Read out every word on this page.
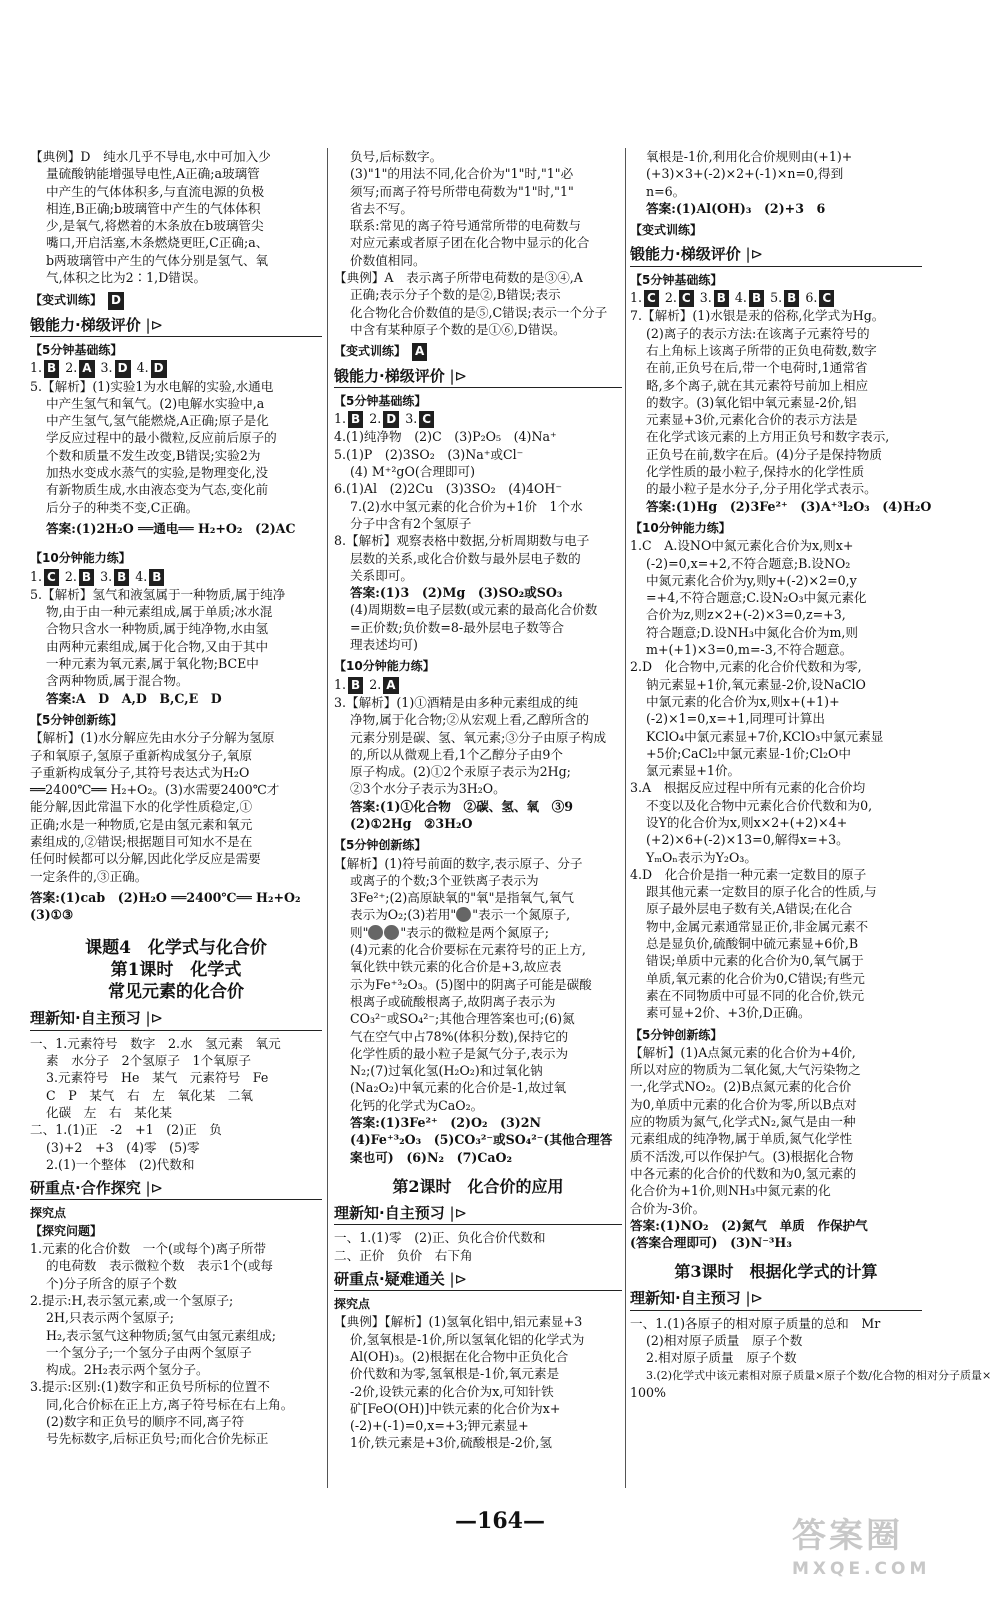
【典例】D　纯水几乎不导电,水中可加入少
量硫酸钠能增强导电性,A正确;a玻璃管
中产生的气体体积多,与直流电源的负极
相连,B正确;b玻璃管中产生的气体体积
少,是氧气,将燃着的木条放在b玻璃管尖
嘴口,开启活塞,木条燃烧更旺,C正确;a、
b两玻璃管中产生的气体分别是氢气、氧
气,体积之比为2∶1,D错误。
【变式训练】 D
锻能力·梯级评价 |⊳
【5分钟基础练】
1. B 2. A 3. D 4. D
5.【解析】(1)实验1为水电解的实验,水通电
中产生氢气和氧气。(2)电解水实验中,a
中产生氢气,氢气能燃烧,A正确;原子是化
学反应过程中的最小微粒,反应前后原子的
个数和质量不发生改变,B错误;实验2为
加热水变成水蒸气的实验,是物理变化,没
有新物质生成,水由液态变为气态,变化前
后分子的种类不变,C正确。
答案:(1)2H₂O ══通电══ H₂+O₂　(2)AC
【10分钟能力练】
1. C 2. B 3. B 4. B
5.【解析】氢气和液氢属于一种物质,属于纯净
物,由于由一种元素组成,属于单质;冰水混
合物只含水一种物质,属于纯净物,水由氢
由两种元素组成,属于化合物,又由于其中
一种元素为氧元素,属于氧化物;BCE中
含两种物质,属于混合物。
答案:A　D　A,D　B,C,E　D
【5分钟创新练】
【解析】(1)水分解应先由水分子分解为氢原
子和氧原子,氢原子重新构成氢分子,氧原
子重新构成氧分子,其符号表达式为H₂O
══2400℃══ H₂+O₂。(3)水需要2400℃才
能分解,因此常温下水的化学性质稳定,①
正确;水是一种物质,它是由氢元素和氧元
素组成的,②错误;根据题目可知水不是在
任何时候都可以分解,因此化学反应是需要
一定条件的,③正确。
答案:(1)cab　(2)H₂O ══2400℃══ H₂+O₂
(3)①③
课题4　化学式与化合价
第1课时　化学式
常见元素的化合价
理新知·自主预习 |⊳
一、1.元素符号　数字　2.水　氢元素　氧元
素　水分子　2个氢原子　1个氧原子
3.元素符号　He　某气　元素符号　Fe
C　P　某气　右　左　氧化某　二氧
化碳　左　右　某化某
二、1.(1)正　-2　+1　(2)正　负
(3)+2　+3　(4)零　(5)零
2.(1)一个整体　(2)代数和
研重点·合作探究 |⊳
探究点
【探究问题】
1.元素的化合价数　一个(或每个)离子所带
的电荷数　表示微粒个数　表示1个(或每
个)分子所含的原子个数
2.提示:H,表示氢元素,或一个氢原子;
2H,只表示两个氢原子;
H₂,表示氢气这种物质;氢气由氢元素组成;
一个氢分子;一个氢分子由两个氢原子
构成。2H₂表示两个氢分子。
3.提示:区别:(1)数字和正负号所标的位置不
同,化合价标在正上方,离子符号标在右上角。
(2)数字和正负号的顺序不同,离子符
号先标数字,后标正负号;而化合价先标正
负号,后标数字。
(3)"1"的用法不同,化合价为"1"时,"1"必
须写;而离子符号所带电荷数为"1"时,"1"
省去不写。
联系:常见的离子符号通常所带的电荷数与
对应元素或者原子团在化合物中显示的化合
价数值相同。
【典例】A　表示离子所带电荷数的是③④,A
正确;表示分子个数的是②,B错误;表示
化合物化合价数值的是⑤,C错误;表示一个分子
中含有某种原子个数的是①⑥,D错误。
【变式训练】 A
锻能力·梯级评价 |⊳
【5分钟基础练】
1. B 2. D 3. C
4.(1)纯净物　(2)C　(3)P₂O₅　(4)Na⁺
5.(1)P　(2)3SO₂　(3)Na⁺或Cl⁻
(4) M⁺²gO(合理即可)
6.(1)Al　(2)2Cu　(3)3SO₂　(4)4OH⁻
7.(2)水中氢元素的化合价为+1价　1个水
分子中含有2个氢原子
8.【解析】观察表格中数据,分析周期数与电子
层数的关系,或化合价数与最外层电子数的
关系即可。
答案:(1)3　(2)Mg　(3)SO₂或SO₃
(4)周期数=电子层数(或元素的最高化合价数
=正价数;负价数=8-最外层电子数等合
理表述均可)
【10分钟能力练】
1. B 2. A
3.【解析】(1)①酒精是由多种元素组成的纯
净物,属于化合物;②从宏观上看,乙醇所含的
元素分别是碳、氢、氧元素;③分子由原子构成
的,所以从微观上看,1个乙醇分子由9个
原子构成。(2)①2个汞原子表示为2Hg;
②3个水分子表示为3H₂O。
答案:(1)①化合物　②碳、氢、氧　③9
(2)①2Hg　②3H₂O
【5分钟创新练】
【解析】(1)符号前面的数字,表示原子、分子
或离子的个数;3个亚铁离子表示为
3Fe²⁺;(2)高原缺氧的"氧"是指氧气,氧气
表示为O₂;(3)若用" "表示一个氮原子,
则"	"表示的微粒是两个氮原子;
(4)元素的化合价要标在元素符号的正上方,
氧化铁中铁元素的化合价是+3,故应表
示为Fe⁺³₂O₃。(5)图中的阴离子可能是碳酸
根离子或硫酸根离子,故阴离子表示为
CO₃²⁻或SO₄²⁻;其他合理答案也可;(6)氮
气在空气中占78%(体积分数),保持它的
化学性质的最小粒子是氮气分子,表示为
N₂;(7)过氧化氢(H₂O₂)和过氧化钠
(Na₂O₂)中氧元素的化合价是-1,故过氧
化钙的化学式为CaO₂。
答案:(1)3Fe²⁺　(2)O₂　(3)2N
(4)Fe⁺³₂O₃　(5)CO₃²⁻或SO₄²⁻(其他合理答
案也可)　(6)N₂　(7)CaO₂
第2课时　化合价的应用
理新知·自主预习 |⊳
一、1.(1)零　(2)正、负化合价代数和
二、正价　负价　右下角
研重点·疑难通关 |⊳
探究点
【典例】【解析】(1)氢氧化铝中,铝元素显+3
价,氢氧根是-1价,所以氢氧化铝的化学式为
Al(OH)₃。(2)根据在化合物中正负化合
价代数和为零,氢氧根是-1价,氧元素是
-2价,设铁元素的化合价为x,可知针铁
矿[FeO(OH)]中铁元素的化合价为x+
(-2)+(-1)=0,x=+3;钾元素显+
1价,铁元素是+3价,硫酸根是-2价,氢
氧根是-1价,利用化合价规则由(+1)+
(+3)×3+(-2)×2+(-1)×n=0,得到
n=6。
答案:(1)Al(OH)₃　(2)+3　6
【变式训练】
锻能力·梯级评价 |⊳
【5分钟基础练】
1. C 2. C 3. B 4. B 5. B 6. C
7.【解析】(1)水银是汞的俗称,化学式为Hg。
(2)离子的表示方法:在该离子元素符号的
右上角标上该离子所带的正负电荷数,数字
在前,正负号在后,带一个电荷时,1通常省
略,多个离子,就在其元素符号前加上相应
的数字。(3)氧化铝中氧元素显-2价,铝
元素显+3价,元素化合价的表示方法是
在化学式该元素的上方用正负号和数字表示,
正负号在前,数字在后。(4)分子是保持物质
化学性质的最小粒子,保持水的化学性质
的最小粒子是水分子,分子用化学式表示。
答案:(1)Hg　(2)3Fe²⁺　(3)A⁺³l₂O₃　(4)H₂O
【10分钟能力练】
1.C　A.设NO中氮元素化合价为x,则x+
(-2)=0,x=+2,不符合题意;B.设NO₂
中氮元素化合价为y,则y+(-2)×2=0,y
=+4,不符合题意;C.设N₂O₃中氮元素化
合价为z,则z×2+(-2)×3=0,z=+3,
符合题意;D.设NH₃中氮化合价为m,则
m+(+1)×3=0,m=-3,不符合题意。
2.D　化合物中,元素的化合价代数和为零,
钠元素显+1价,氧元素显-2价,设NaClO
中氯元素的化合价为x,则x+(+1)+
(-2)×1=0,x=+1,同理可计算出
KClO₄中氯元素显+7价,KClO₃中氯元素显
+5价;CaCl₂中氯元素显-1价;Cl₂O中
氯元素显+1价。
3.A　根据反应过程中所有元素的化合价均
不变以及化合物中元素化合价代数和为0,
设Y的化合价为x,则x×2+(+2)×4+
(+2)×6+(-2)×13=0,解得x=+3。
YₘOₙ表示为Y₂O₃。
4.D　化合价是指一种元素一定数目的原子
跟其他元素一定数目的原子化合的性质,与
原子最外层电子数有关,A错误;在化合
物中,金属元素通常显正价,非金属元素不
总是显负价,硫酸铜中硫元素显+6价,B
错误;单质中元素的化合价为0,氧气属于
单质,氧元素的化合价为0,C错误;有些元
素在不同物质中可显不同的化合价,铁元
素可显+2价、+3价,D正确。
【5分钟创新练】
【解析】(1)A点氮元素的化合价为+4价,
所以对应的物质为二氧化氮,大气污染物之
一,化学式NO₂。(2)B点氮元素的化合价
为0,单质中元素的化合价为零,所以B点对
应的物质为氮气,化学式N₂,氮气是由一种
元素组成的纯净物,属于单质,氮气化学性
质不活泼,可以作保护气。(3)根据化合物
中各元素的化合价的代数和为0,氢元素的
化合价为+1价,则NH₃中氮元素的化
合价为-3价。
答案:(1)NO₂　(2)氮气　单质　作保护气
(答案合理即可)　(3)N⁻³H₃
第3课时　根据化学式的计算
理新知·自主预习 |⊳
一、1.(1)各原子的相对原子质量的总和　Mr
(2)相对原子质量　原子个数
2.相对原子质量　原子个数
3.(2)化学式中该元素相对原子质量×原子个数/化合物的相对分子质量×
100%
—164—	答案圈
MXQE.COM
